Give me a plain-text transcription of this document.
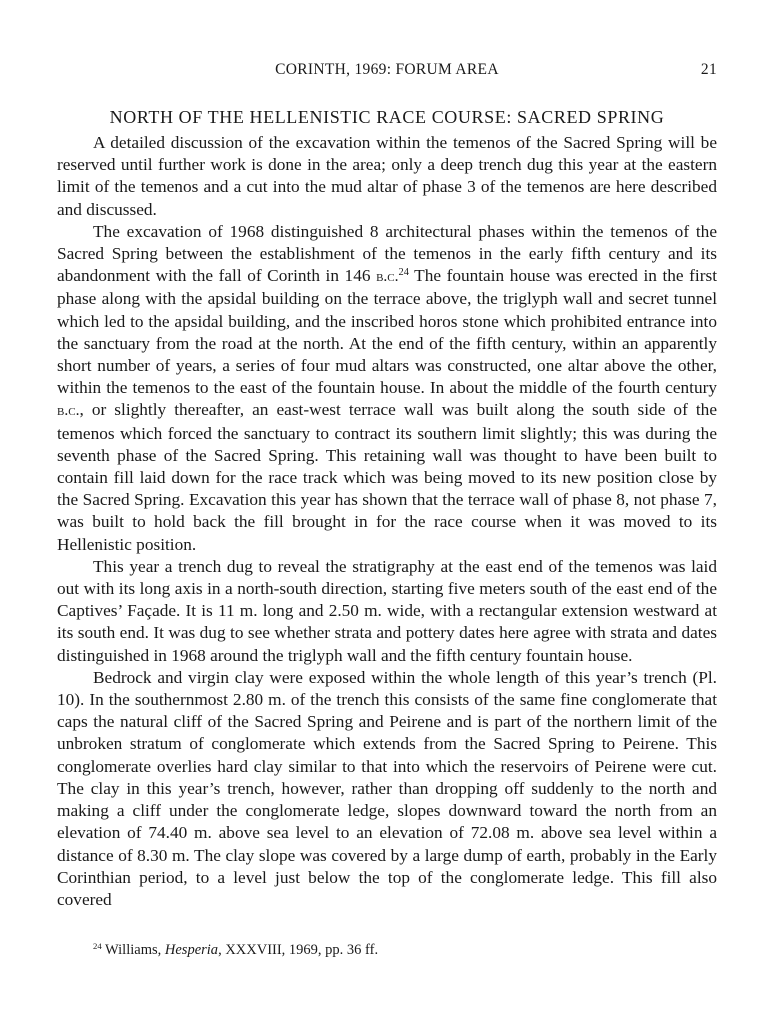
CORINTH, 1969: FORUM AREA	21
NORTH OF THE HELLENISTIC RACE COURSE: SACRED SPRING

A detailed discussion of the excavation within the temenos of the Sacred Spring will be reserved until further work is done in the area; only a deep trench dug this year at the eastern limit of the temenos and a cut into the mud altar of phase 3 of the temenos are here described and discussed.

The excavation of 1968 distinguished 8 architectural phases within the temenos of the Sacred Spring between the establishment of the temenos in the early fifth century and its abandonment with the fall of Corinth in 146 b.c.$^{24}$ The fountain house was erected in the first phase along with the apsidal building on the terrace above, the triglyph wall and secret tunnel which led to the apsidal building, and the inscribed horos stone which prohibited entrance into the sanctuary from the road at the north. At the end of the fifth century, within an apparently short number of years, a series of four mud altars was constructed, one altar above the other, within the temenos to the east of the fountain house. In about the middle of the fourth century b.c., or slightly thereafter, an east-west terrace wall was built along the south side of the temenos which forced the sanctuary to contract its southern limit slightly; this was during the seventh phase of the Sacred Spring. This retaining wall was thought to have been built to contain fill laid down for the race track which was being moved to its new position close by the Sacred Spring. Excavation this year has shown that the terrace wall of phase 8, not phase 7, was built to hold back the fill brought in for the race course when it was moved to its Hellenistic position.

This year a trench dug to reveal the stratigraphy at the east end of the temenos was laid out with its long axis in a north-south direction, starting five meters south of the east end of the Captives’ Façade. It is 11 m. long and 2.50 m. wide, with a rectangular extension westward at its south end. It was dug to see whether strata and pottery dates here agree with strata and dates distinguished in 1968 around the triglyph wall and the fifth century fountain house.

Bedrock and virgin clay were exposed within the whole length of this year’s trench (Pl. 10). In the southernmost 2.80 m. of the trench this consists of the same fine conglomerate that caps the natural cliff of the Sacred Spring and Peirene and is part of the northern limit of the unbroken stratum of conglomerate which extends from the Sacred Spring to Peirene. This conglomerate overlies hard clay similar to that into which the reservoirs of Peirene were cut. The clay in this year’s trench, however, rather than dropping off suddenly to the north and making a cliff under the conglomerate ledge, slopes downward toward the north from an elevation of 74.40 m. above sea level to an elevation of 72.08 m. above sea level within a distance of 8.30 m. The clay slope was covered by a large dump of earth, probably in the Early Corinthian period, to a level just below the top of the conglomerate ledge. This fill also covered

$^{24}$ Williams, Hesperia, XXXVIII, 1969, pp. 36 ff.
